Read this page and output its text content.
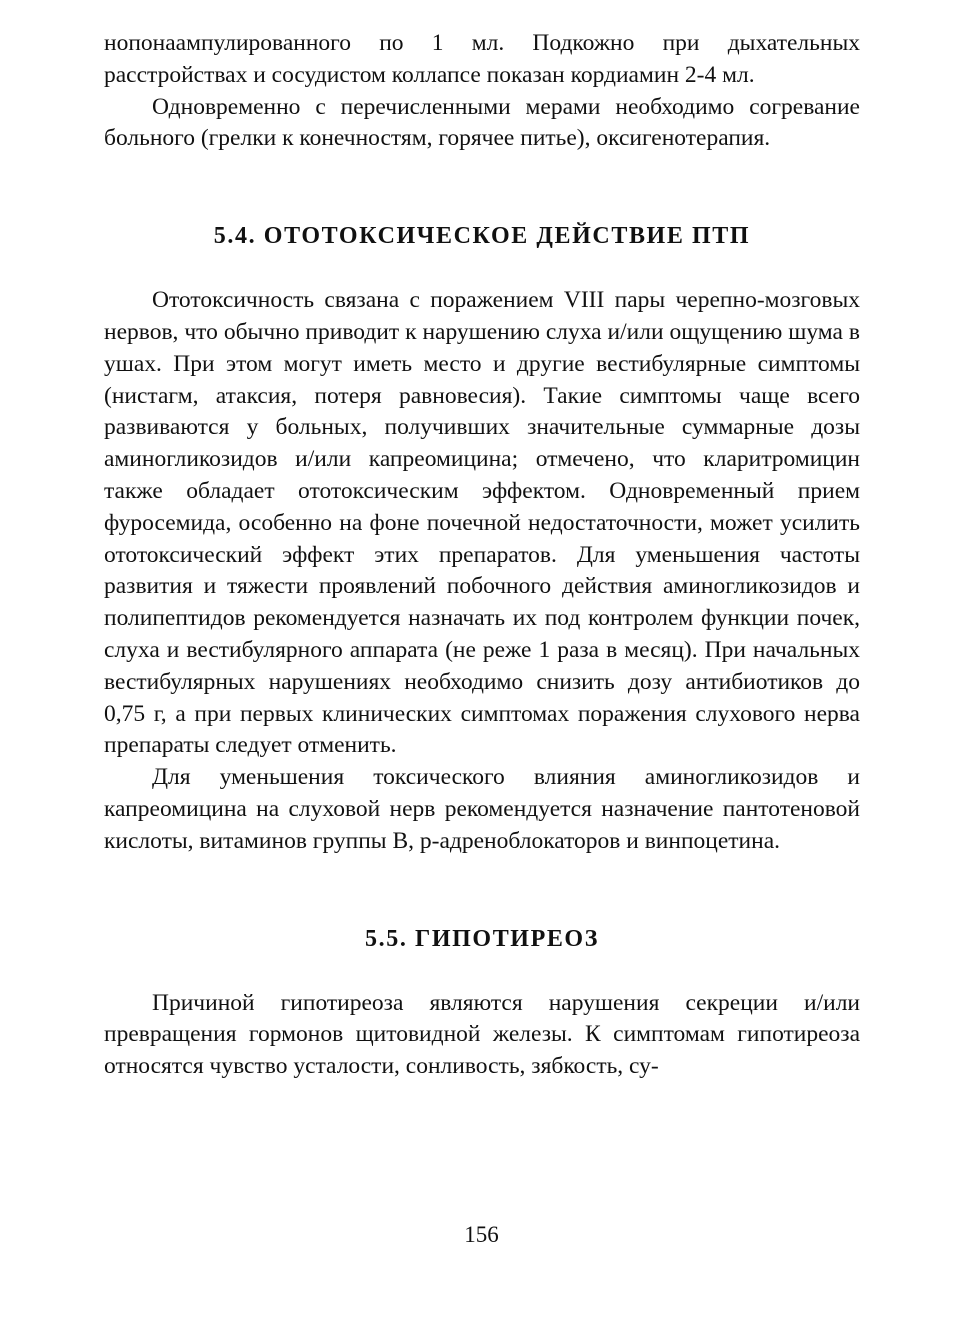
нопонаампулированного по 1 мл. Подкожно при дыхательных расстройствах и сосудистом коллапсе показан кордиамин 2-4 мл.

Одновременно с перечисленными мерами необходимо согревание больного (грелки к конечностям, горячее питье), оксигенотерапия.

5.4. ОТОТОКСИЧЕСКОЕ ДЕЙСТВИЕ ПТП

Ототоксичность связана с поражением VIII пары черепно-мозговых нервов, что обычно приводит к нарушению слуха и/или ощущению шума в ушах. При этом могут иметь место и другие вестибулярные симптомы (нистагм, атаксия, потеря равновесия). Такие симптомы чаще всего развиваются у больных, получивших значительные суммарные дозы аминогликозидов и/или капреомицина; отмечено, что кларитромицин также обладает ототоксическим эффектом. Одновременный прием фуросемида, особенно на фоне почечной недостаточности, может усилить ототоксический эффект этих препаратов. Для уменьшения частоты развития и тяжести проявлений побочного действия аминогликозидов и полипептидов рекомендуется назначать их под контролем функции почек, слуха и вестибулярного аппарата (не реже 1 раза в месяц). При начальных вестибулярных нарушениях необходимо снизить дозу антибиотиков до 0,75 г, а при первых клинических симптомах поражения слухового нерва препараты следует отменить.

Для уменьшения токсического влияния аминогликозидов и капреомицина на слуховой нерв рекомендуется назначение пантотеновой кислоты, витаминов группы В, р-адреноблокаторов и винпоцетина.

5.5. ГИПОТИРЕОЗ

Причиной гипотиреоза являются нарушения секреции и/или превращения гормонов щитовидной железы. К симптомам гипотиреоза относятся чувство усталости, сонливость, зябкость, су-

156
